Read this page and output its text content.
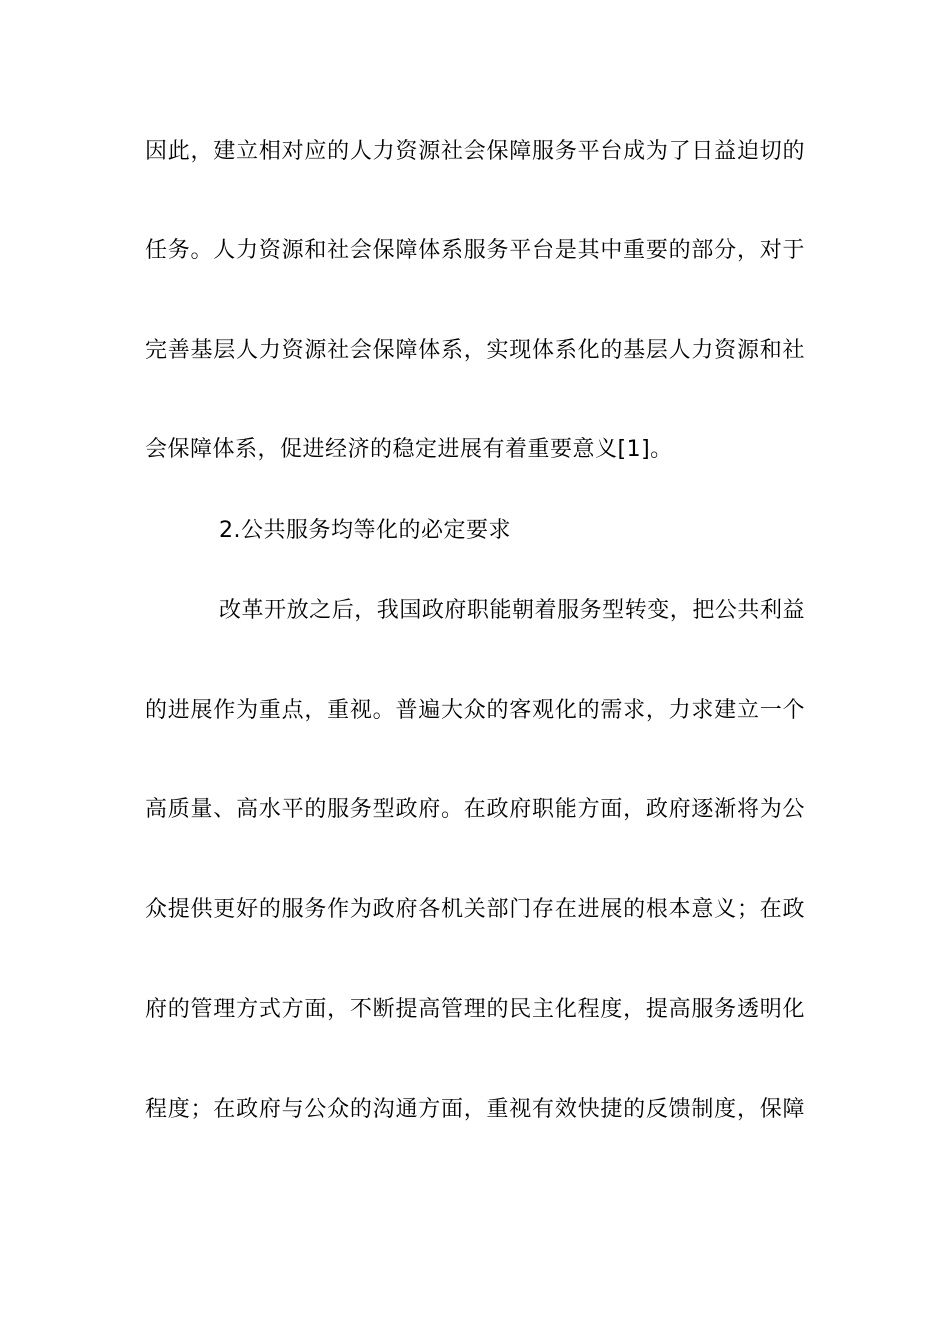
因此，建立相对应的人力资源社会保障服务平台成为了日益迫切的
任务。人力资源和社会保障体系服务平台是其中重要的部分，对于
完善基层人力资源社会保障体系，实现体系化的基层人力资源和社
会保障体系，促进经济的稳定进展有着重要意义[1]。
2.公共服务均等化的必定要求
改革开放之后，我国政府职能朝着服务型转变，把公共利益
的进展作为重点，重视。普遍大众的客观化的需求，力求建立一个
高质量、高水平的服务型政府。在政府职能方面，政府逐渐将为公
众提供更好的服务作为政府各机关部门存在进展的根本意义；在政
府的管理方式方面，不断提高管理的民主化程度，提高服务透明化
程度；在政府与公众的沟通方面，重视有效快捷的反馈制度，保障
